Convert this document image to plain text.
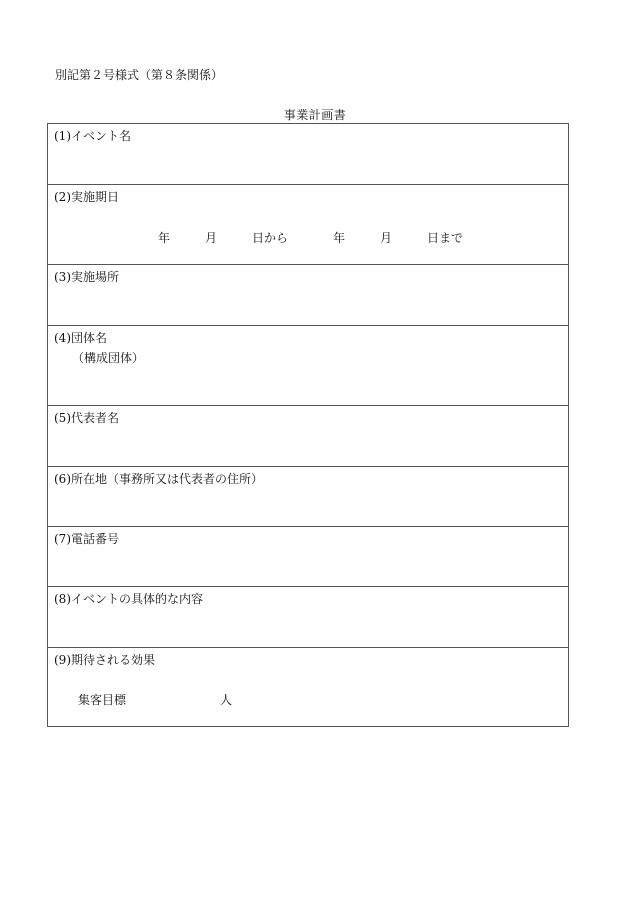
別記第２号様式（第８条関係）
事業計画書
(1)イベント名
(2)実施期日
年	月	日から	年	月	日まで
(3)実施場所
(4)団体名
（構成団体）
(5)代表者名
(6)所在地（事務所又は代表者の住所）
(7)電話番号
(8)イベントの具体的な内容
(9)期待される効果
集客目標	人
